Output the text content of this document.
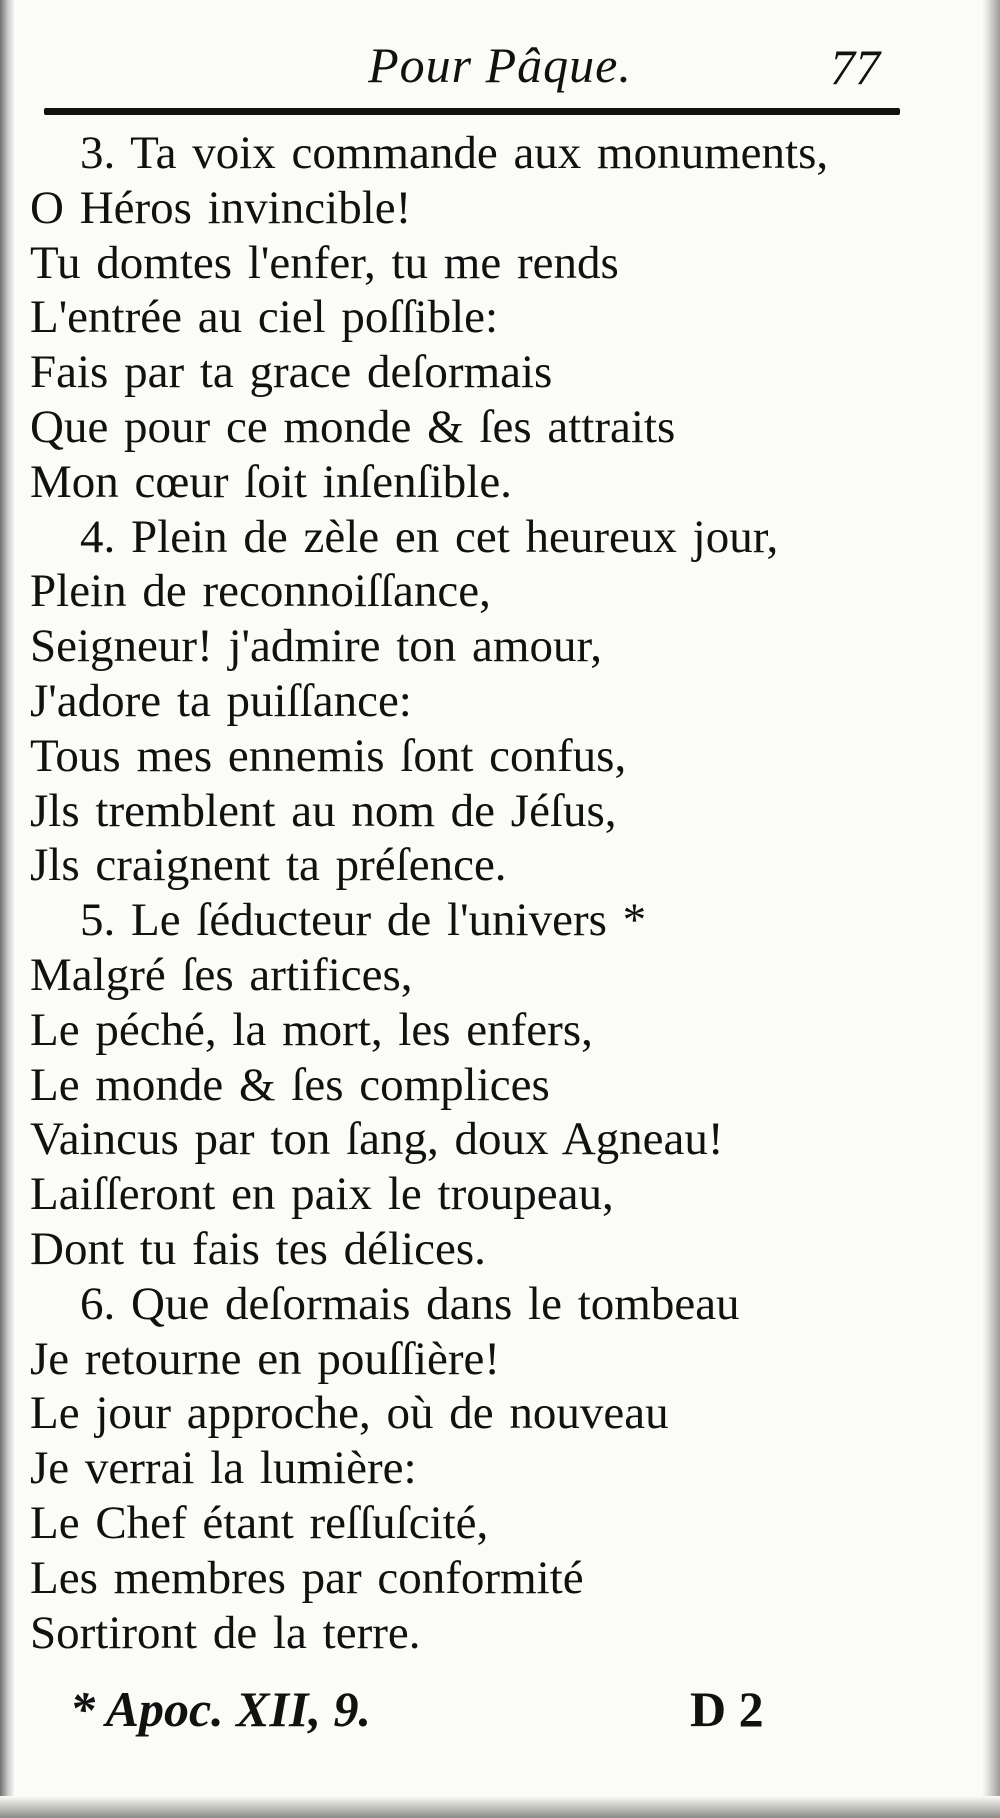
Pour Pâque.	77
3. Ta voix commande aux monuments,
O Héros invincible!
Tu domtes l'enfer, tu me rends
L'entrée au ciel poſſible:
Fais par ta grace deſormais
Que pour ce monde & ſes attraits
Mon cœur ſoit inſenſible.
4. Plein de zèle en cet heureux jour,
Plein de reconnoiſſance,
Seigneur! j'admire ton amour,
J'adore ta puiſſance:
Tous mes ennemis ſont confus,
Jls tremblent au nom de Jéſus,
Jls craignent ta préſence.
5. Le ſéducteur de l'univers *
Malgré ſes artifices,
Le péché, la mort, les enfers,
Le monde & ſes complices
Vaincus par ton ſang, doux Agneau!
Laiſſeront en paix le troupeau,
Dont tu fais tes délices.
6. Que deſormais dans le tombeau
Je retourne en pouſſière!
Le jour approche, où de nouveau
Je verrai la lumière:
Le Chef étant reſſuſcité,
Les membres par conformité
Sortiront de la terre.
* Apoc. XII, 9.	D 2
